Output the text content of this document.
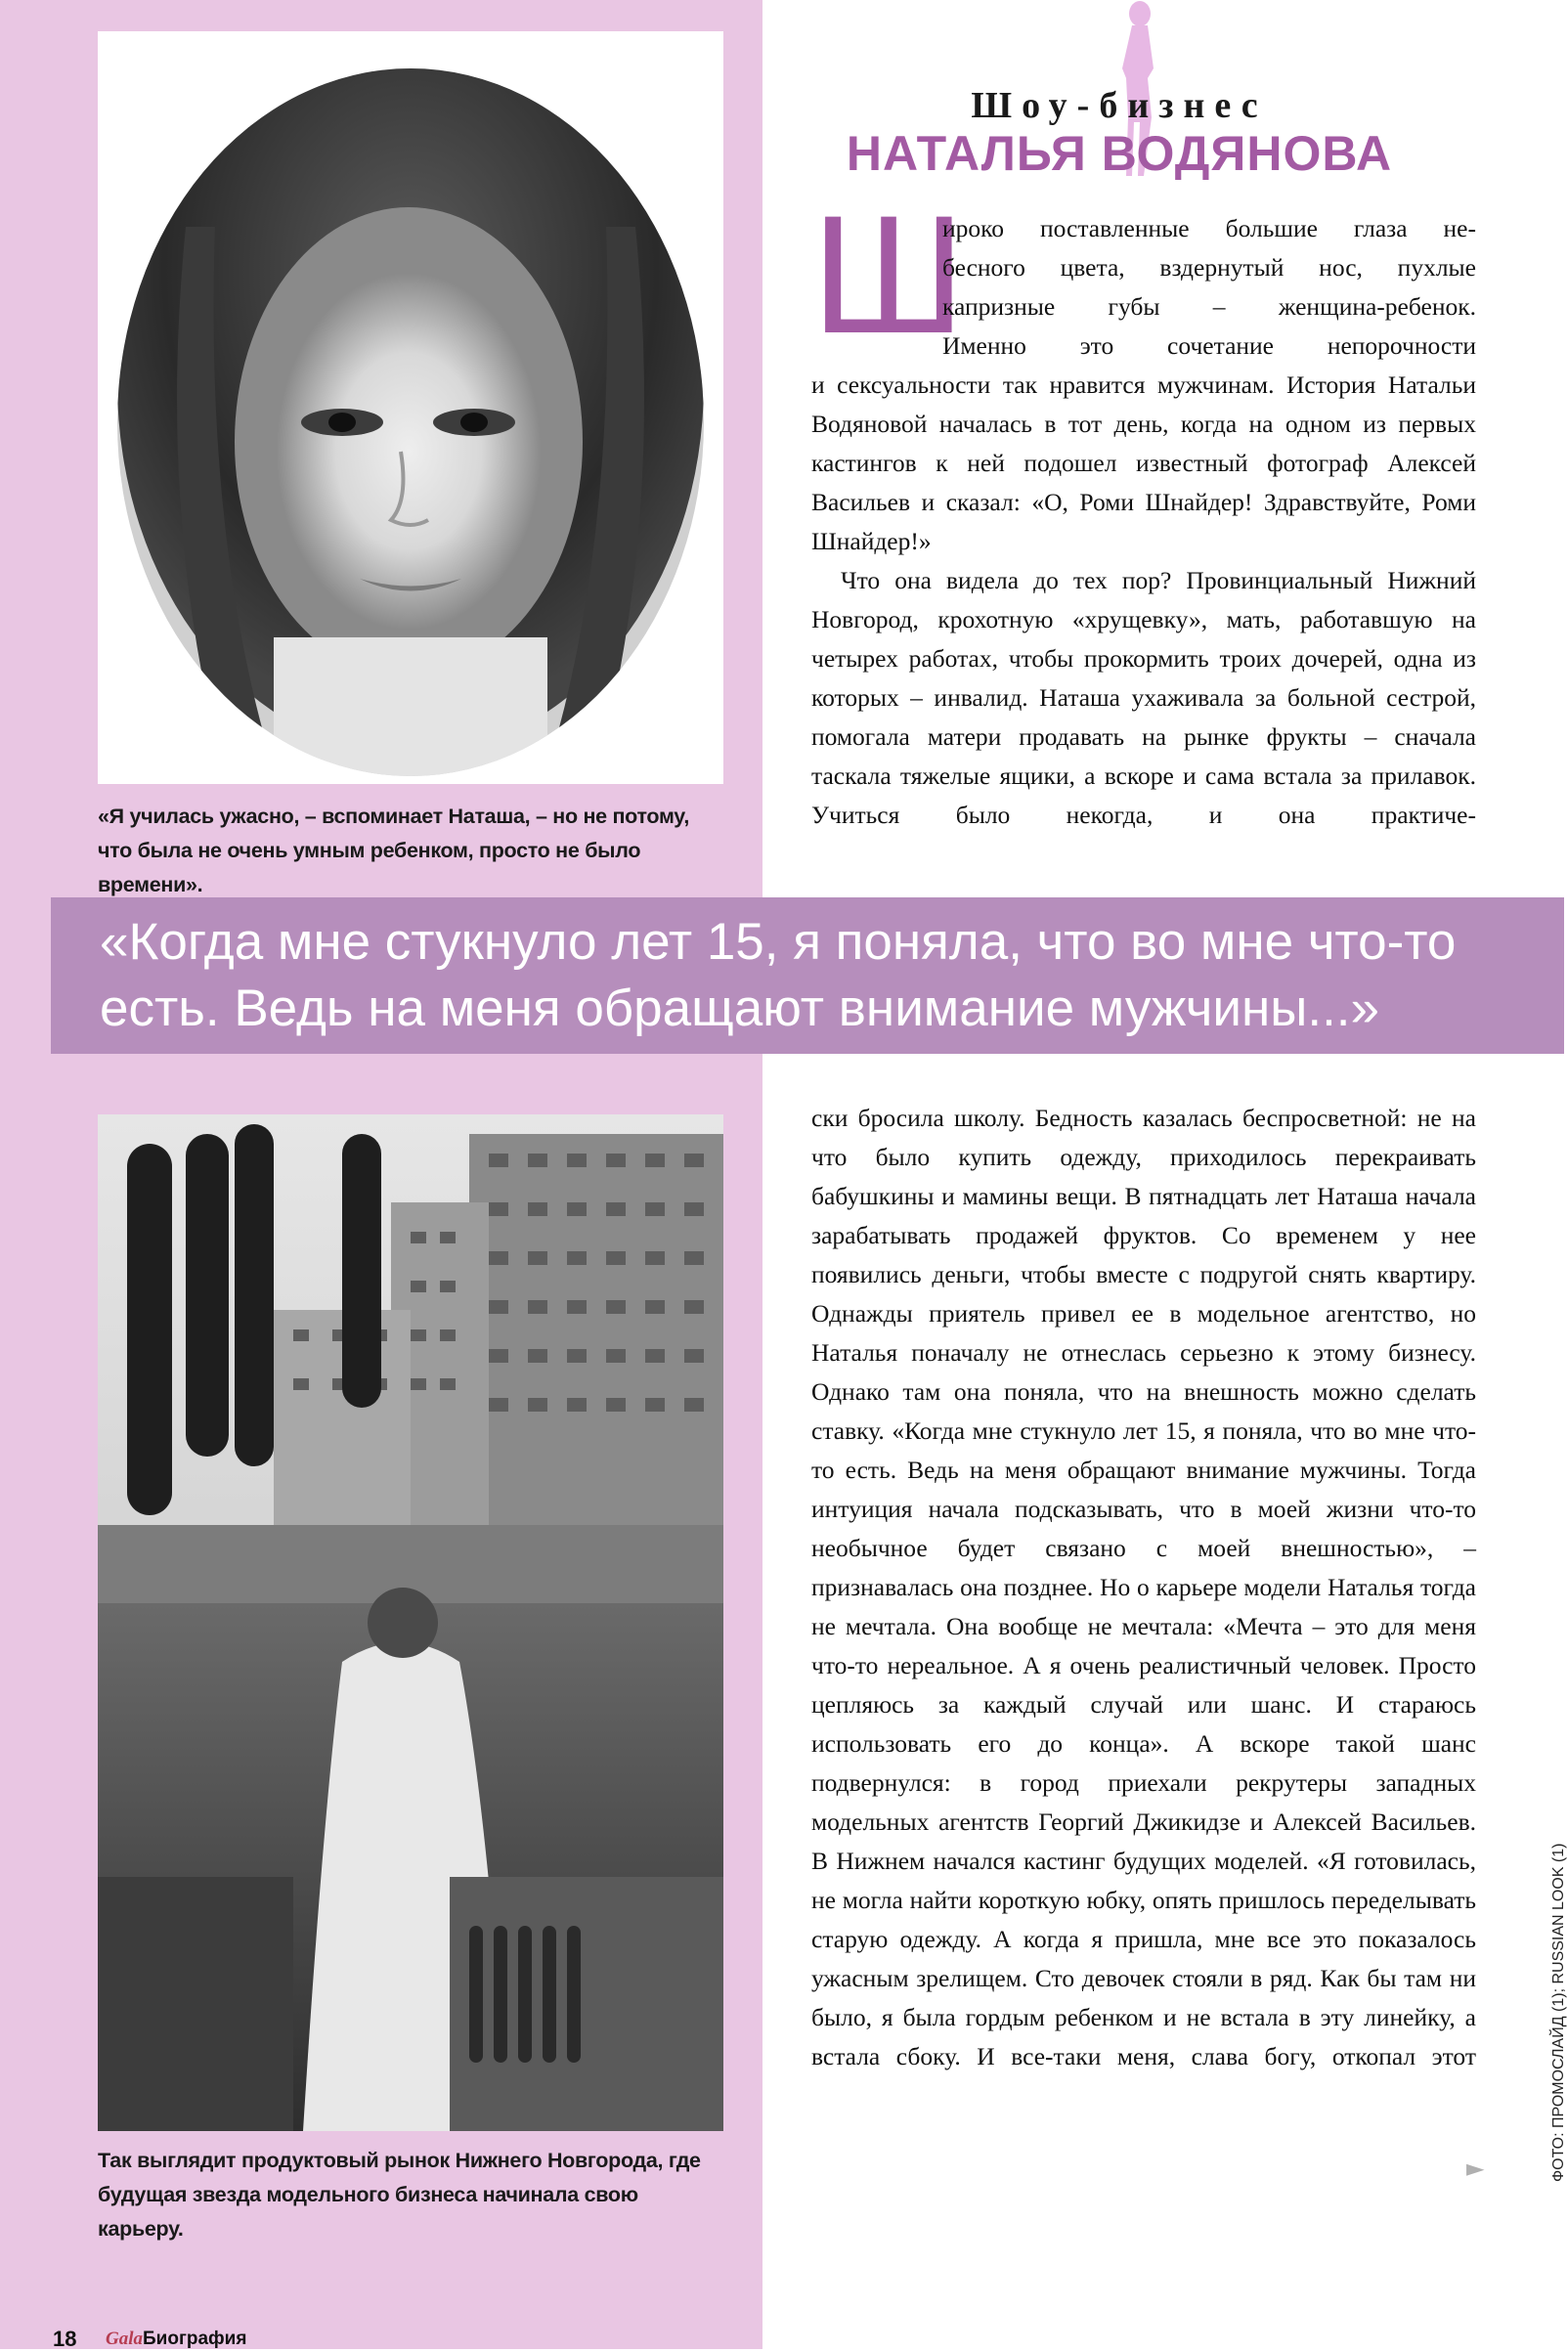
«Я училась ужасно, – вспоминает Наташа, – но не потому, что была не очень умным ребенком, просто не было времени».
Так выглядит продуктовый рынок Нижнего Новгорода, где будущая звезда модельного бизнеса начинала свою карьеру.
Шоу-бизнес
НАТАЛЬЯ ВОДЯНОВА
Ш
ироко поставленные большие глаза не-
бесного цвета, вздернутый нос, пухлые
капризные губы – женщина-ребенок.
Именно это сочетание непорочности

и сексуальности так нравится мужчинам. История Натальи Водяновой началась в тот день, когда на одном из первых кастингов к ней подошел известный фотограф Алексей Васильев и сказал: «О, Роми Шнайдер! Здравствуйте, Роми Шнайдер!»

Что она видела до тех пор? Провинциальный Нижний Новгород, крохотную «хрущевку», мать, работавшую на четырех работах, чтобы прокормить троих дочерей, одна из которых – инвалид. Наташа ухаживала за больной сестрой, помогала матери продавать на рынке фрукты – сначала таскала тяжелые ящики, а вскоре и сама встала за прилавок. Учиться было некогда, и она практиче-

«Когда мне стукнуло лет 15, я поняла, что во мне что-то есть. Ведь на меня обращают внимание мужчины...»

ски бросила школу. Бедность казалась беспросветной: не на что было купить одежду, приходилось перекраивать бабушкины и мамины вещи. В пятнадцать лет Наташа начала зарабатывать продажей фруктов. Со временем у нее появились деньги, чтобы вместе с подругой снять квартиру. Однажды приятель привел ее в модельное агентство, но Наталья поначалу не отнеслась серьезно к этому бизнесу. Однако там она поняла, что на внешность можно сделать ставку. «Когда мне стукнуло лет 15, я поняла, что во мне что-то есть. Ведь на меня обращают внимание мужчины. Тогда интуиция начала подсказывать, что в моей жизни что-то необычное будет связано с моей внешностью», – признавалась она позднее. Но о карьере модели Наталья тогда не мечтала. Она вообще не мечтала: «Мечта – это для меня что-то нереальное. А я очень реалистичный человек. Просто цепляюсь за каждый случай или шанс. И стараюсь использовать его до конца». А вскоре такой шанс подвернулся: в город приехали рекрутеры западных модельных агентств Георгий Джикидзе и Алексей Васильев. В Нижнем начался кастинг будущих моделей. «Я готовилась, не могла найти короткую юбку, опять пришлось переделывать старую одежду. А когда я пришла, мне все это показалось ужасным зрелищем. Сто девочек стояли в ряд. Как бы там ни было, я была гордым ребенком и не встала в эту линейку, а встала сбоку. И все-таки меня, слава богу, откопал этот

18 GalaБиография
►	ФОТО: ПРОМОСЛАЙД (1); RUSSIAN LOOK (1)
